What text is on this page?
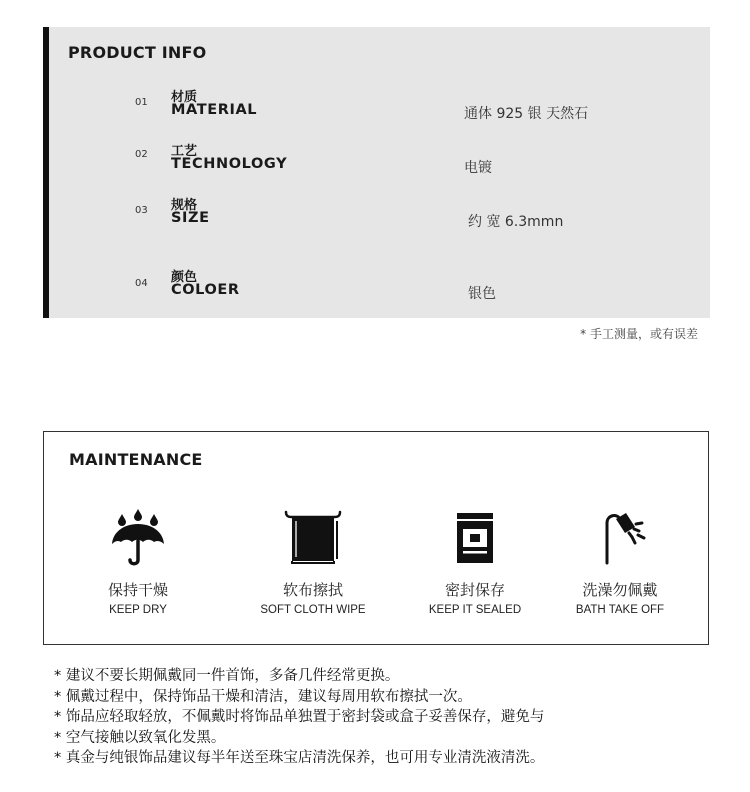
PRODUCT INFO
01 材质
MATERIAL	通体 925 银 天然石
02 工艺
TECHNOLOGY	电镀
03 规格
SIZE	约 宽 6.3mmn
04 颜色
COLOER	银色
* 手工测量，或有误差
MAINTENANCE
保持干燥
KEEP DRY
软布擦拭
SOFT CLOTH WIPE
密封保存
KEEP IT SEALED
洗澡勿佩戴
BATH TAKE OFF
* 建议不要长期佩戴同一件首饰，多备几件经常更换。
* 佩戴过程中，保持饰品干燥和清洁，建议每周用软布擦拭一次。
* 饰品应轻取轻放，不佩戴时将饰品单独置于密封袋或盒子妥善保存，避免与
* 空气接触以致氧化发黑。
* 真金与纯银饰品建议每半年送至珠宝店清洗保养，也可用专业清洗液清洗。
